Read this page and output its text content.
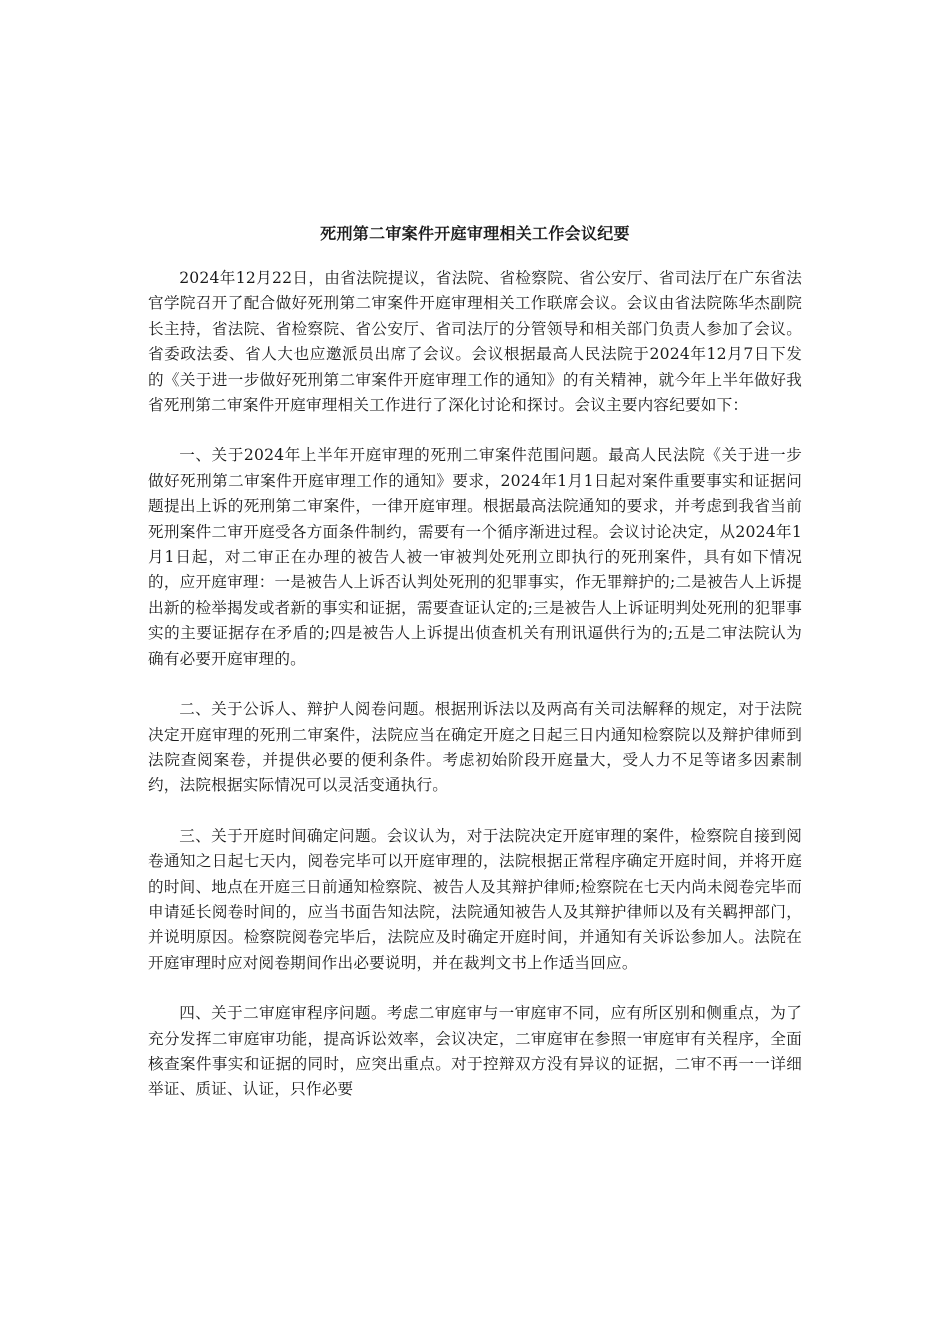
死刑第二审案件开庭审理相关工作会议纪要

2024年12月22日，由省法院提议，省法院、省检察院、省公安厅、省司法厅在广东省法官学院召开了配合做好死刑第二审案件开庭审理相关工作联席会议。会议由省法院陈华杰副院长主持，省法院、省检察院、省公安厅、省司法厅的分管领导和相关部门负责人参加了会议。省委政法委、省人大也应邀派员出席了会议。会议根据最高人民法院于2024年12月7日下发的《关于进一步做好死刑第二审案件开庭审理工作的通知》的有关精神，就今年上半年做好我省死刑第二审案件开庭审理相关工作进行了深化讨论和探讨。会议主要内容纪要如下：

一、关于2024年上半年开庭审理的死刑二审案件范围问题。最高人民法院《关于进一步做好死刑第二审案件开庭审理工作的通知》要求，2024年1月1日起对案件重要事实和证据问题提出上诉的死刑第二审案件，一律开庭审理。根据最高法院通知的要求，并考虑到我省当前死刑案件二审开庭受各方面条件制约，需要有一个循序渐进过程。会议讨论决定，从2024年1月1日起，对二审正在办理的被告人被一审被判处死刑立即执行的死刑案件，具有如下情况的，应开庭审理：一是被告人上诉否认判处死刑的犯罪事实，作无罪辩护的;二是被告人上诉提出新的检举揭发或者新的事实和证据，需要查证认定的;三是被告人上诉证明判处死刑的犯罪事实的主要证据存在矛盾的;四是被告人上诉提出侦查机关有刑讯逼供行为的;五是二审法院认为确有必要开庭审理的。

二、关于公诉人、辩护人阅卷问题。根据刑诉法以及两高有关司法解释的规定，对于法院决定开庭审理的死刑二审案件，法院应当在确定开庭之日起三日内通知检察院以及辩护律师到法院查阅案卷，并提供必要的便利条件。考虑初始阶段开庭量大，受人力不足等诸多因素制约，法院根据实际情况可以灵活变通执行。

三、关于开庭时间确定问题。会议认为，对于法院决定开庭审理的案件，检察院自接到阅卷通知之日起七天内，阅卷完毕可以开庭审理的，法院根据正常程序确定开庭时间，并将开庭的时间、地点在开庭三日前通知检察院、被告人及其辩护律师;检察院在七天内尚未阅卷完毕而申请延长阅卷时间的，应当书面告知法院，法院通知被告人及其辩护律师以及有关羁押部门，并说明原因。检察院阅卷完毕后，法院应及时确定开庭时间，并通知有关诉讼参加人。法院在开庭审理时应对阅卷期间作出必要说明，并在裁判文书上作适当回应。

四、关于二审庭审程序问题。考虑二审庭审与一审庭审不同，应有所区别和侧重点，为了充分发挥二审庭审功能，提高诉讼效率，会议决定，二审庭审在参照一审庭审有关程序，全面核查案件事实和证据的同时，应突出重点。对于控辩双方没有异议的证据，二审不再一一详细举证、质证、认证，只作必要
